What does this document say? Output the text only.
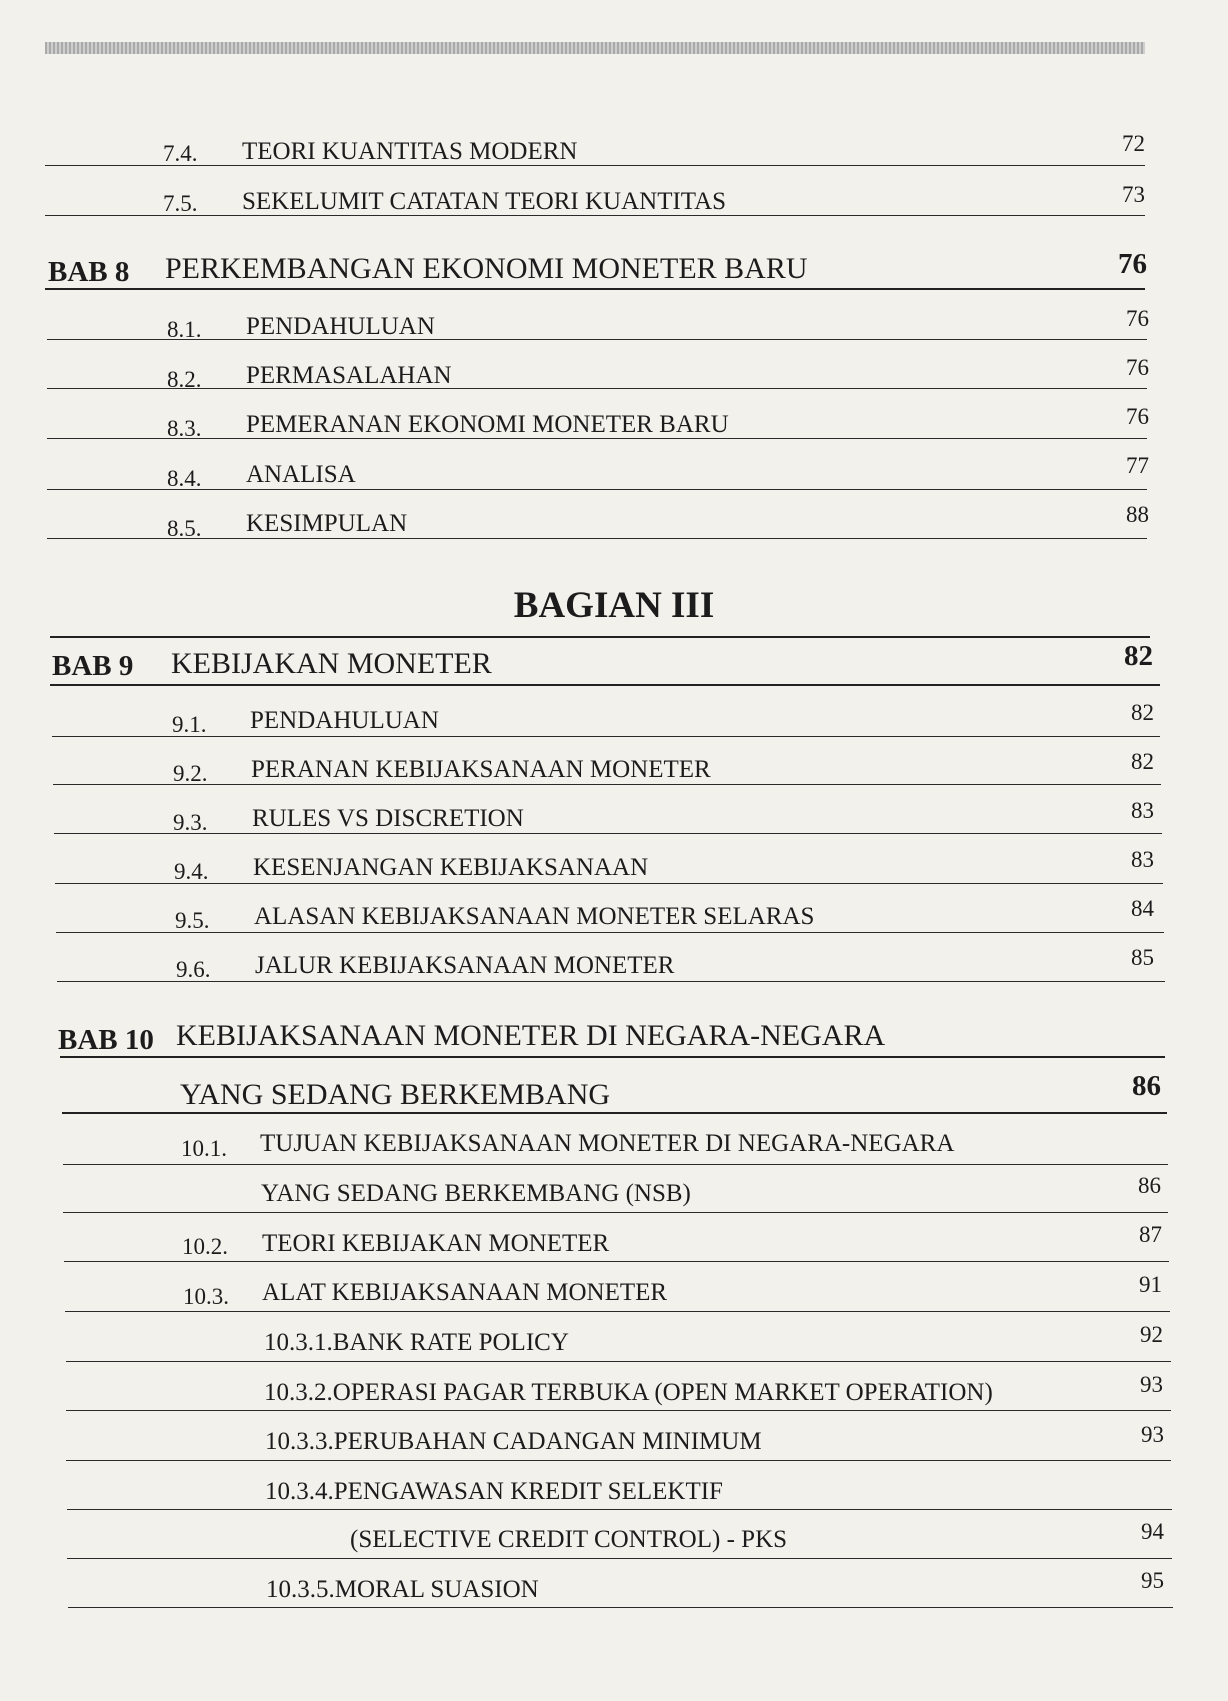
7.4. TEORI KUANTITAS MODERN	72
7.5. SEKELUMIT CATATAN TEORI KUANTITAS	73
BAB 8 PERKEMBANGAN EKONOMI MONETER BARU	76
8.1. PENDAHULUAN	76
8.2. PERMASALAHAN	76
8.3. PEMERANAN EKONOMI MONETER BARU	76
8.4. ANALISA	77
8.5. KESIMPULAN	88
BAGIAN III
BAB 9 KEBIJAKAN MONETER	82
9.1. PENDAHULUAN	82
9.2. PERANAN KEBIJAKSANAAN MONETER	82
9.3. RULES VS DISCRETION	83
9.4. KESENJANGAN KEBIJAKSANAAN	83
9.5. ALASAN KEBIJAKSANAAN MONETER SELARAS	84
9.6. JALUR KEBIJAKSANAAN MONETER	85
BAB 10 KEBIJAKSANAAN MONETER DI NEGARA-NEGARA
YANG SEDANG BERKEMBANG	86
10.1. TUJUAN KEBIJAKSANAAN MONETER DI NEGARA-NEGARA
YANG SEDANG BERKEMBANG (NSB)	86
10.2. TEORI KEBIJAKAN MONETER	87
10.3. ALAT KEBIJAKSANAAN MONETER	91
10.3.1.BANK RATE POLICY	92
10.3.2.OPERASI PAGAR TERBUKA (OPEN MARKET OPERATION)	93
10.3.3.PERUBAHAN CADANGAN MINIMUM	93
10.3.4.PENGAWASAN KREDIT SELEKTIF
(SELECTIVE CREDIT CONTROL) - PKS	94
10.3.5.MORAL SUASION	95
